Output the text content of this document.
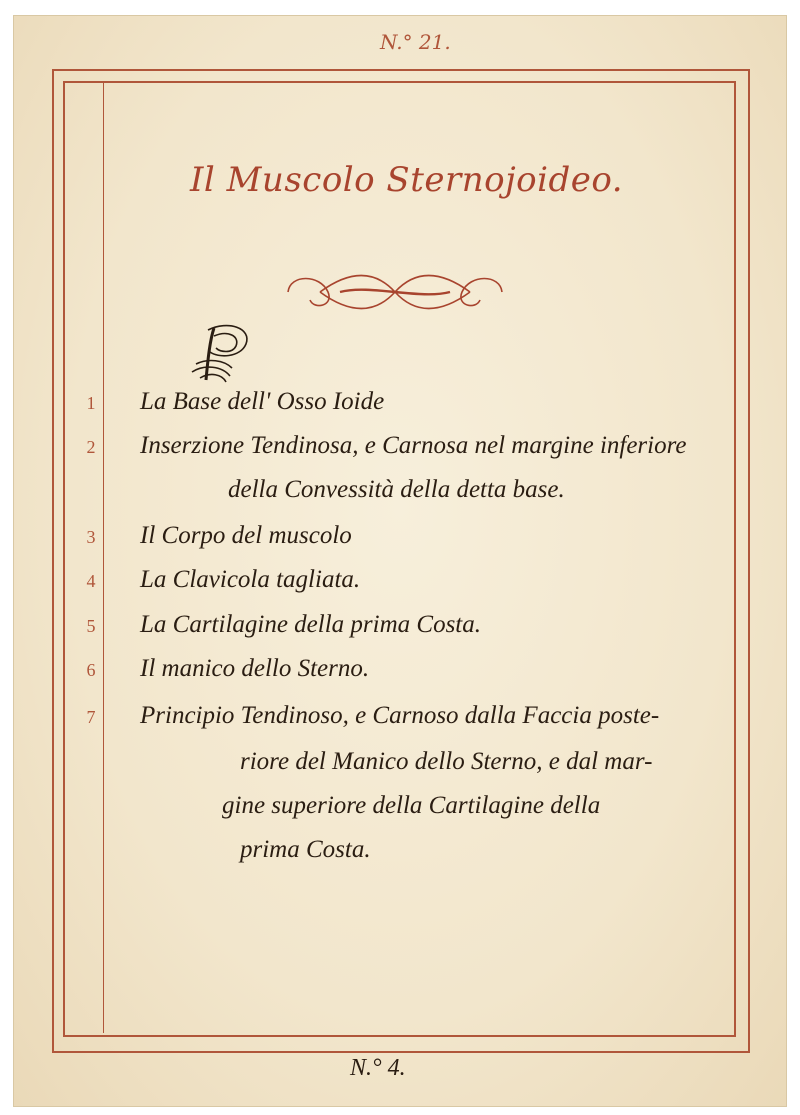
N.° 21.
Il Muscolo Sternojoideo.
1	La Base dell' Osso Ioide
2	Inserzione Tendinosa, e Carnosa nel margine inferiore
della Convessità della detta base.
3	Il Corpo del muscolo
4	La Clavicola tagliata.
5	La Cartilagine della prima Costa.
6	Il manico dello Sterno.
7	Principio Tendinoso, e Carnoso dalla Faccia poste-
riore del Manico dello Sterno, e dal mar-
gine superiore della Cartilagine della
prima Costa.
N.° 4.
